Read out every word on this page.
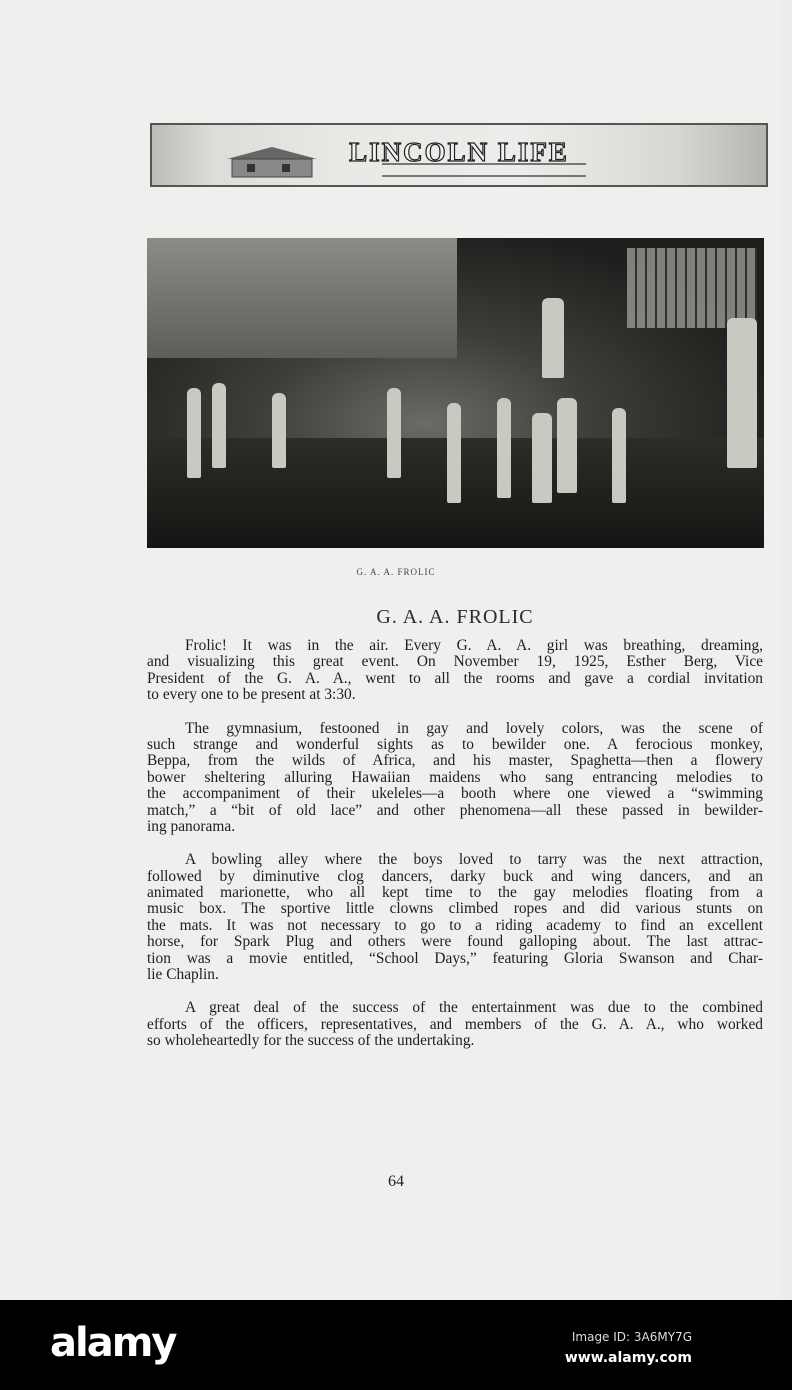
LINCOLN LIFE
G. A. A. FROLIC
G. A. A. FROLIC
Frolic! It was in the air. Every G. A. A. girl was breathing, dreaming,
and visualizing this great event. On November 19, 1925, Esther Berg, Vice
President of the G. A. A., went to all the rooms and gave a cordial invitation
to every one to be present at 3:30.
The gymnasium, festooned in gay and lovely colors, was the scene of
such strange and wonderful sights as to bewilder one. A ferocious monkey,
Beppa, from the wilds of Africa, and his master, Spaghetta—then a flowery
bower sheltering alluring Hawaiian maidens who sang entrancing melodies to
the accompaniment of their ukeleles—a booth where one viewed a “swimming
match,” a “bit of old lace” and other phenomena—all these passed in bewilder-
ing panorama.
A bowling alley where the boys loved to tarry was the next attraction,
followed by diminutive clog dancers, darky buck and wing dancers, and an
animated marionette, who all kept time to the gay melodies floating from a
music box. The sportive little clowns climbed ropes and did various stunts on
the mats. It was not necessary to go to a riding academy to find an excellent
horse, for Spark Plug and others were found galloping about. The last attrac-
tion was a movie entitled, “School Days,” featuring Gloria Swanson and Char-
lie Chaplin.
A great deal of the success of the entertainment was due to the combined
efforts of the officers, representatives, and members of the G. A. A., who worked
so wholeheartedly for the success of the undertaking.
64
alamy	Image ID: 3A6MY7G
www.alamy.com
